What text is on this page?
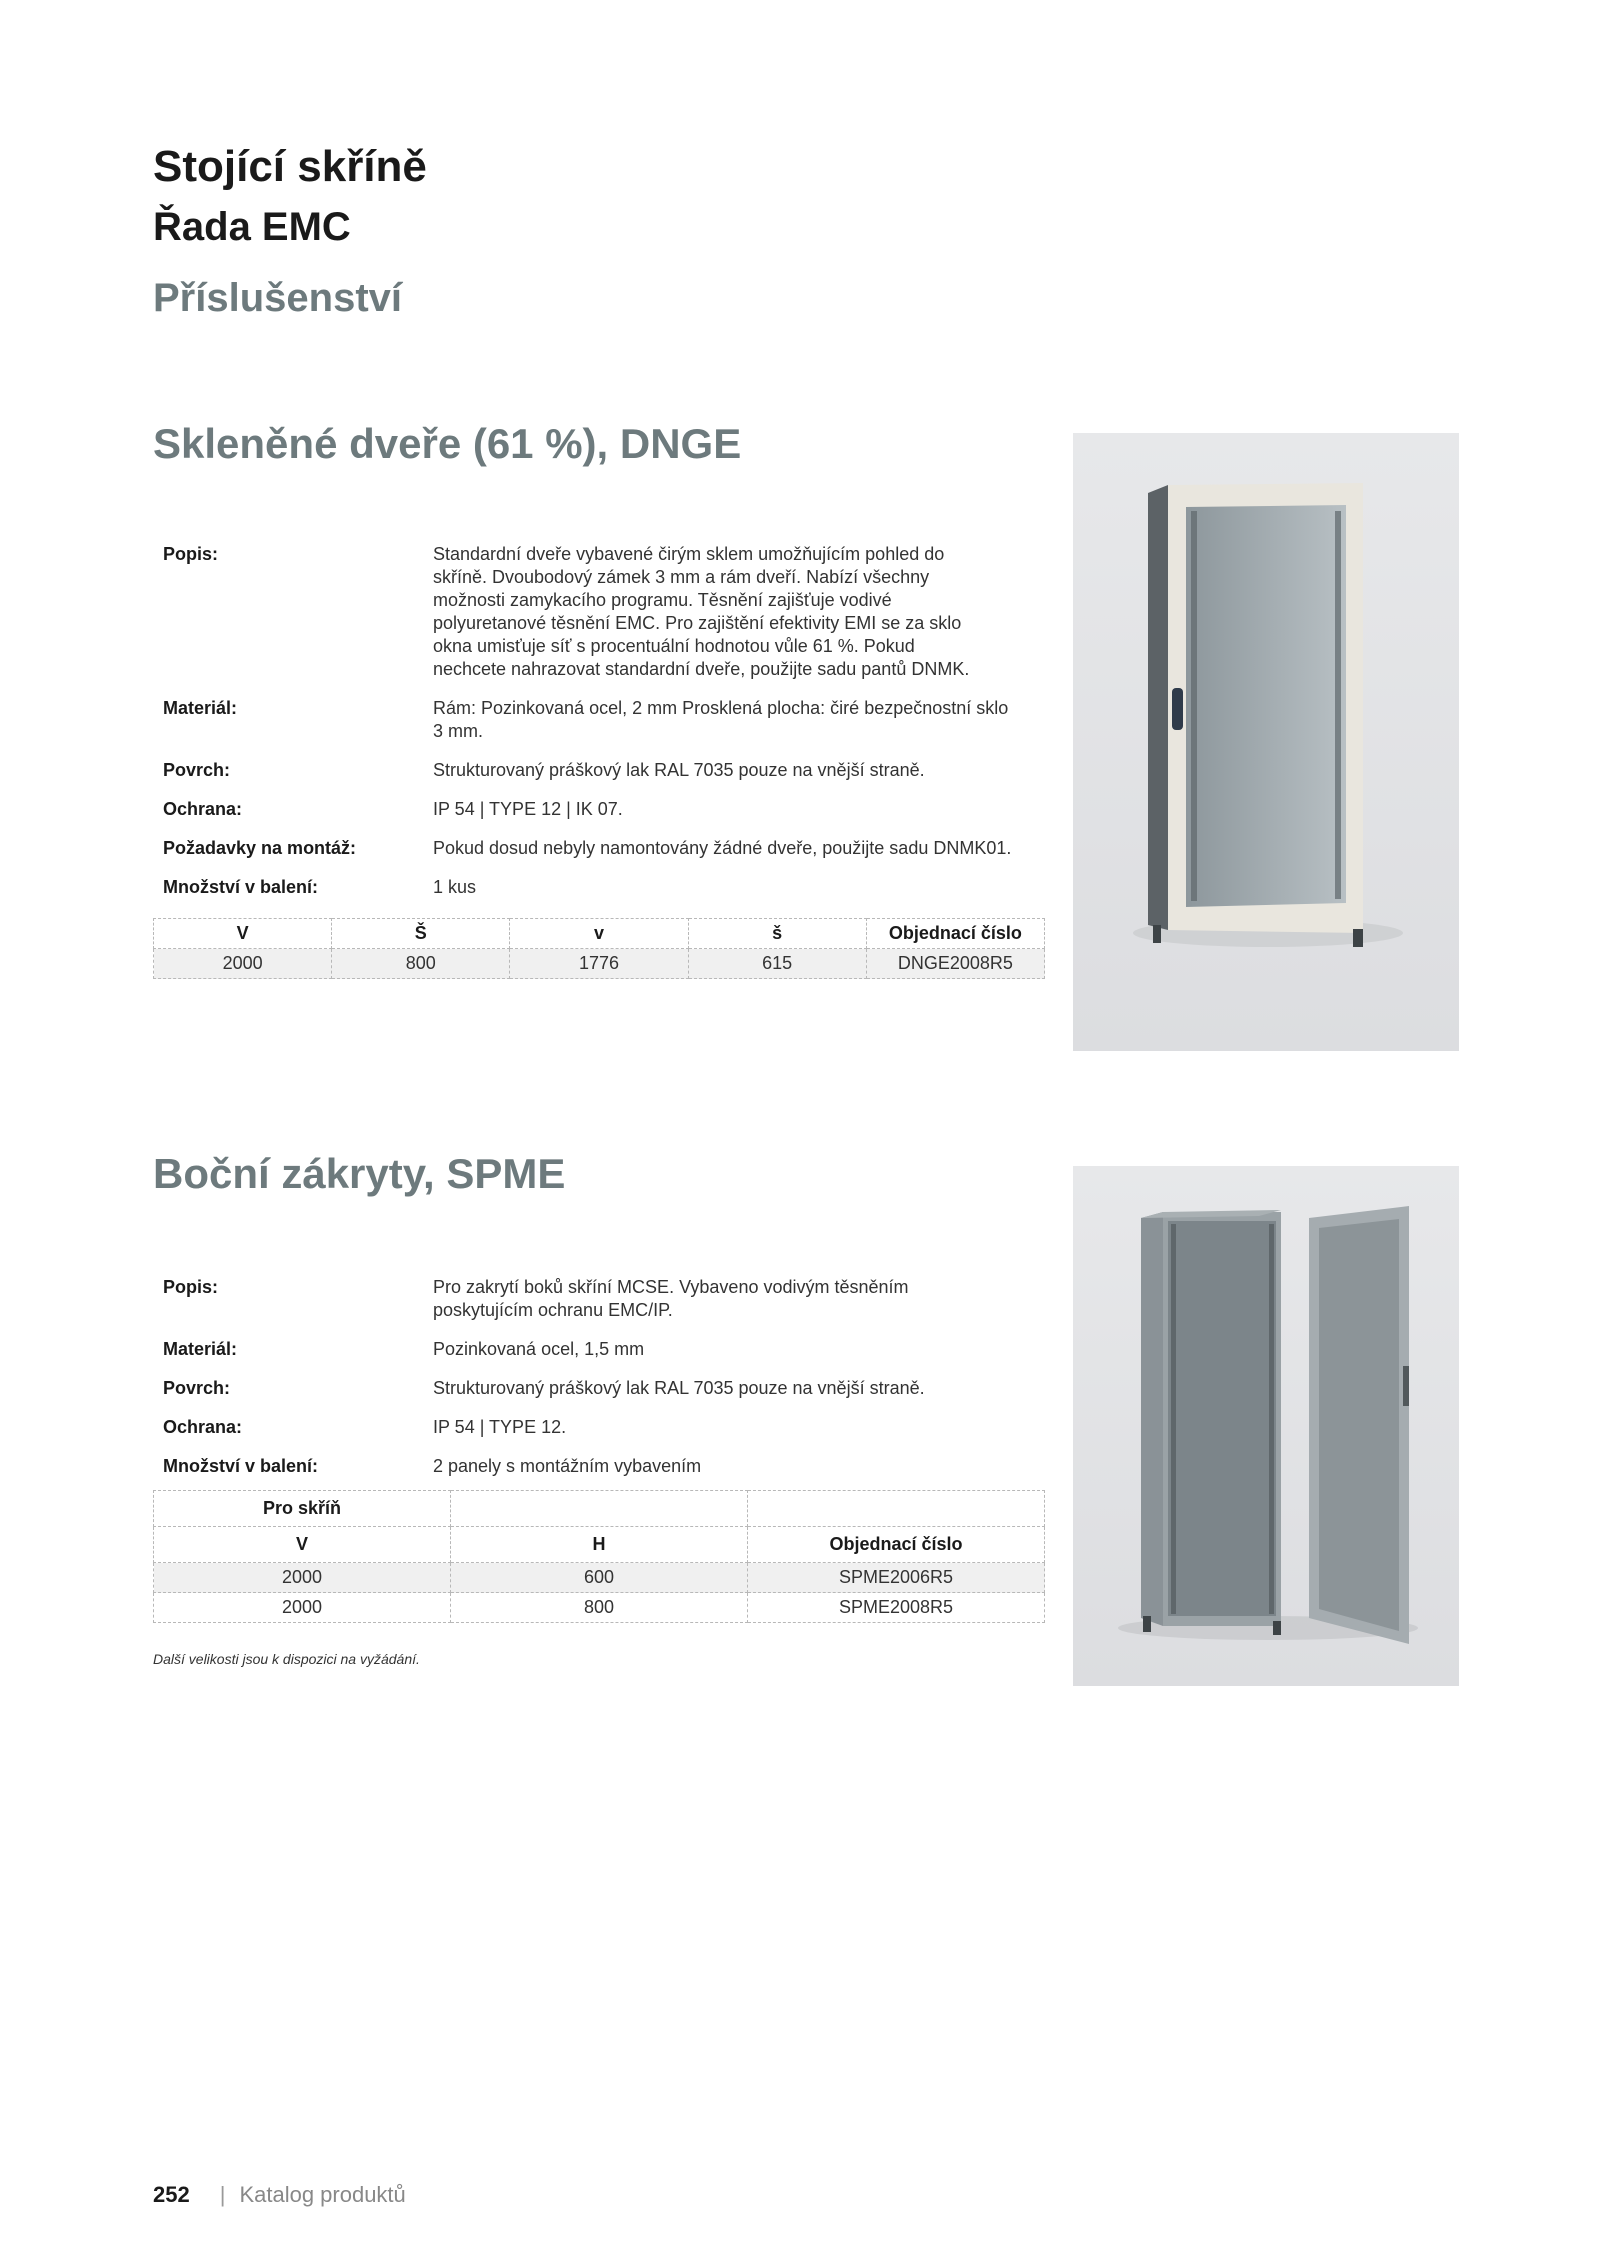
Stojící skříně
Řada EMC
Příslušenství
Skleněné dveře (61 %), DNGE
Popis:	Standardní dveře vybavené čirým sklem umožňujícím pohled do skříně. Dvoubodový zámek 3 mm a rám dveří. Nabízí všechny možnosti zamykacího programu. Těsnění zajišťuje vodivé polyuretanové těsnění EMC. Pro zajištění efektivity EMI se za sklo okna umisťuje síť s procentuální hodnotou vůle 61 %. Pokud nechcete nahrazovat standardní dveře, použijte sadu pantů DNMK.
Materiál:	Rám: Pozinkovaná ocel, 2 mm Prosklená plocha: čiré bezpečnostní sklo 3 mm.
Povrch:	Strukturovaný práškový lak RAL 7035 pouze na vnější straně.
Ochrana:	IP 54 | TYPE 12 | IK 07.
Požadavky na montáž:	Pokud dosud nebyly namontovány žádné dveře, použijte sadu DNMK01.
Množství v balení:	1 kus
V	Š	v	š	Objednací číslo
2000	800	1776	615	DNGE2008R5
Boční zákryty, SPME
Popis:	Pro zakrytí boků skříní MCSE. Vybaveno vodivým těsněním poskytujícím ochranu EMC/IP.
Materiál:	Pozinkovaná ocel, 1,5 mm
Povrch:	Strukturovaný práškový lak RAL 7035 pouze na vnější straně.
Ochrana:	IP 54 | TYPE 12.
Množství v balení:	2 panely s montážním vybavením
Pro skříň		
V	H	Objednací číslo
2000	600	SPME2006R5
2000	800	SPME2008R5
Další velikosti jsou k dispozici na vyžádání.
252 | Katalog produktů
